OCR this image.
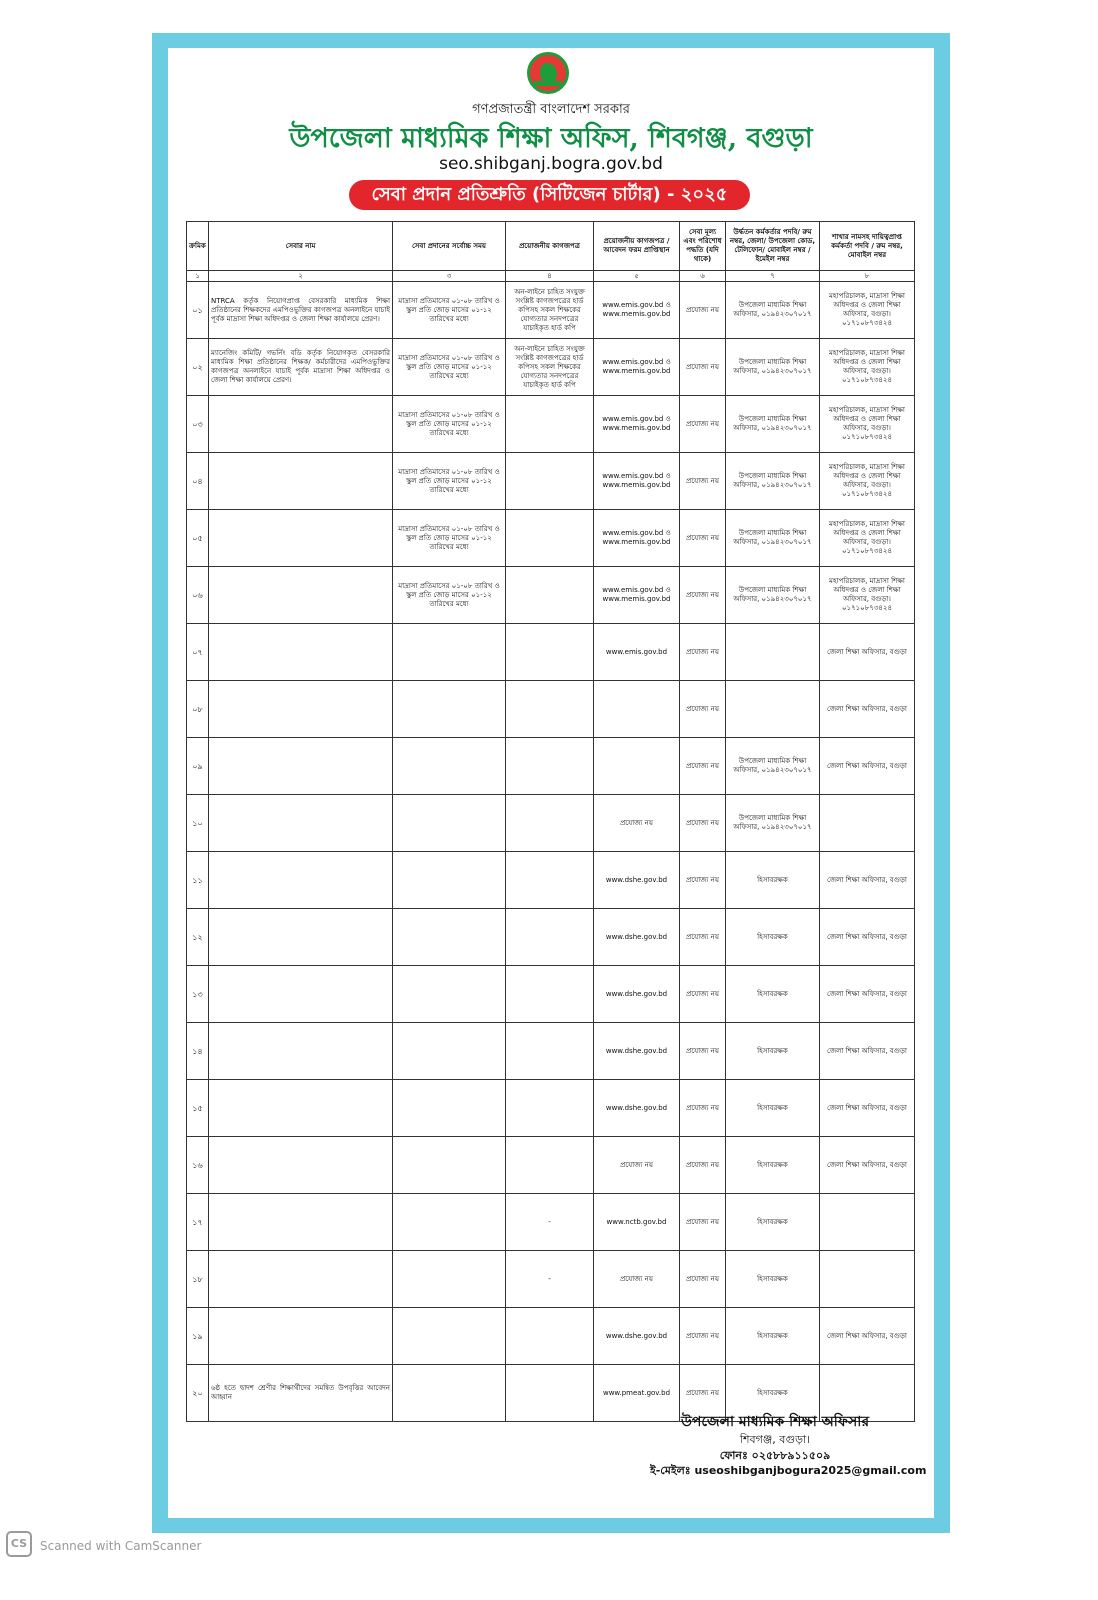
গণপ্রজাতন্ত্রী বাংলাদেশ সরকার
উপজেলা মাধ্যমিক শিক্ষা অফিস, শিবগঞ্জ, বগুড়া
seo.shibganj.bogra.gov.bd
সেবা প্রদান প্রতিশ্রুতি (সিটিজেন চার্টার) - ২০২৫
ক্রমিক	সেবার নাম	সেবা প্রদানের সর্বোচ্চ সময়	প্রয়োজনীয় কাগজপত্র	প্রয়োজনীয় কাগজপত্র / আবেদন ফরম প্রাপ্তিস্থান	সেবা মূল্য এবং পরিশোধ পদ্ধতি (যদি থাকে)	উর্দ্ধতন কর্মকর্তার পদবি/ রুম নম্বর, জেলা/ উপজেলা কোড, টেলিফোন/ মোবাইল নম্বর / ইমেইল নম্বর	শাখার নামসহ দায়িত্বপ্রাপ্ত কর্মকর্তা পদবি / রুম নম্বর, মোবাইল নম্বর
১	২	৩	৪	৫	৬	৭	৮
০১	NTRCA কর্তৃক নিয়োগপ্রাপ্ত বেসরকারি মাধ্যমিক শিক্ষা প্রতিষ্ঠানের শিক্ষকদের এমপিওভুক্তির কাগজপত্র অনলাইনে যাচাই পূর্বক মাদ্রাসা শিক্ষা অধিদপ্তর ও জেলা শিক্ষা কার্যালয়ে প্রেরণ।	মাদ্রাসা প্রতিমাসের ০১-০৮ তারিখ ও স্কুল প্রতি জোড় মাসের ০১-১২ তারিখের মধ্যে	অন-লাইনে চাহিত সংযুক্ত সংশ্লিষ্ট কাগজপত্রের হার্ড কপিসহ সকল শিক্ষকের যোগ্যতার সনদপত্রের যাচাইকৃত হার্ড কপি	www.emis.gov.bd ও www.memis.gov.bd	প্রযোজ্য নয়	উপজেলা মাধ্যমিক শিক্ষা অফিসার, ০১৯৪২৩০৭০১৭	মহাপরিচালক, মাদ্রাসা শিক্ষা অধিদপ্তর ও জেলা শিক্ষা অফিসার, বগুড়া। ০১৭১০৮৭৩৪২৪
০২	ম্যানেজিং কমিটি/ গভর্নিং বডি কর্তৃক নিয়োগকৃত বেসরকারি মাধ্যমিক শিক্ষা প্রতিষ্ঠানের শিক্ষক/ কর্মচারীদের এমপিওভুক্তির কাগজপত্র অনলাইনে যাচাই পূর্বক মাদ্রাসা শিক্ষা অধিদপ্তর ও জেলা শিক্ষা কার্যালয়ে প্রেরণ।	মাদ্রাসা প্রতিমাসের ০১-০৮ তারিখ ও স্কুল প্রতি জোড় মাসের ০১-১২ তারিখের মধ্যে	অন-লাইনে চাহিত সংযুক্ত সংশ্লিষ্ট কাগজপত্রের হার্ড কপিসহ সকল শিক্ষকের যোগ্যতার সনদপত্রের যাচাইকৃত হার্ড কপি	www.emis.gov.bd ও www.memis.gov.bd	প্রযোজ্য নয়	উপজেলা মাধ্যমিক শিক্ষা অফিসার, ০১৯৪২৩০৭০১৭	মহাপরিচালক, মাদ্রাসা শিক্ষা অধিদপ্তর ও জেলা শিক্ষা অফিসার, বগুড়া। ০১৭১০৮৭৩৪২৪
০৩		মাদ্রাসা প্রতিমাসের ০১-০৮ তারিখ ও স্কুল প্রতি জোড় মাসের ০১-১২ তারিখের মধ্যে		www.emis.gov.bd ও www.memis.gov.bd	প্রযোজ্য নয়	উপজেলা মাধ্যমিক শিক্ষা অফিসার, ০১৯৪২৩০৭০১৭	মহাপরিচালক, মাদ্রাসা শিক্ষা অধিদপ্তর ও জেলা শিক্ষা অফিসার, বগুড়া। ০১৭১০৮৭৩৪২৪
০৪		মাদ্রাসা প্রতিমাসের ০১-০৮ তারিখ ও স্কুল প্রতি জোড় মাসের ০১-১২ তারিখের মধ্যে		www.emis.gov.bd ও www.memis.gov.bd	প্রযোজ্য নয়	উপজেলা মাধ্যমিক শিক্ষা অফিসার, ০১৯৪২৩০৭০১৭	মহাপরিচালক, মাদ্রাসা শিক্ষা অধিদপ্তর ও জেলা শিক্ষা অফিসার, বগুড়া। ০১৭১০৮৭৩৪২৪
০৫		মাদ্রাসা প্রতিমাসের ০১-০৮ তারিখ ও স্কুল প্রতি জোড় মাসের ০১-১২ তারিখের মধ্যে		www.emis.gov.bd ও www.memis.gov.bd	প্রযোজ্য নয়	উপজেলা মাধ্যমিক শিক্ষা অফিসার, ০১৯৪২৩০৭০১৭	মহাপরিচালক, মাদ্রাসা শিক্ষা অধিদপ্তর ও জেলা শিক্ষা অফিসার, বগুড়া। ০১৭১০৮৭৩৪২৪
০৬		মাদ্রাসা প্রতিমাসের ০১-০৮ তারিখ ও স্কুল প্রতি জোড় মাসের ০১-১২ তারিখের মধ্যে		www.emis.gov.bd ও www.memis.gov.bd	প্রযোজ্য নয়	উপজেলা মাধ্যমিক শিক্ষা অফিসার, ০১৯৪২৩০৭০১৭	মহাপরিচালক, মাদ্রাসা শিক্ষা অধিদপ্তর ও জেলা শিক্ষা অফিসার, বগুড়া। ০১৭১০৮৭৩৪২৪
০৭				www.emis.gov.bd	প্রযোজ্য নয়		জেলা শিক্ষা অফিসার, বগুড়া
০৮					প্রযোজ্য নয়		জেলা শিক্ষা অফিসার, বগুড়া
০৯					প্রযোজ্য নয়	উপজেলা মাধ্যমিক শিক্ষা অফিসার, ০১৯৪২৩০৭০১৭	জেলা শিক্ষা অফিসার, বগুড়া
১০				প্রযোজ্য নয়	প্রযোজ্য নয়	উপজেলা মাধ্যমিক শিক্ষা অফিসার, ০১৯৪২৩০৭০১৭	
১১				www.dshe.gov.bd	প্রযোজ্য নয়	হিসাবরক্ষক	জেলা শিক্ষা অফিসার, বগুড়া
১২				www.dshe.gov.bd	প্রযোজ্য নয়	হিসাবরক্ষক	জেলা শিক্ষা অফিসার, বগুড়া
১৩				www.dshe.gov.bd	প্রযোজ্য নয়	হিসাবরক্ষক	জেলা শিক্ষা অফিসার, বগুড়া
১৪				www.dshe.gov.bd	প্রযোজ্য নয়	হিসাবরক্ষক	জেলা শিক্ষা অফিসার, বগুড়া
১৫				www.dshe.gov.bd	প্রযোজ্য নয়	হিসাবরক্ষক	জেলা শিক্ষা অফিসার, বগুড়া
১৬				প্রযোজ্য নয়	প্রযোজ্য নয়	হিসাবরক্ষক	জেলা শিক্ষা অফিসার, বগুড়া
১৭			-	www.nctb.gov.bd	প্রযোজ্য নয়	হিসাবরক্ষক	
১৮			-	প্রযোজ্য নয়	প্রযোজ্য নয়	হিসাবরক্ষক	
১৯				www.dshe.gov.bd	প্রযোজ্য নয়	হিসাবরক্ষক	জেলা শিক্ষা অফিসার, বগুড়া
২০	৬ষ্ঠ হতে দ্বাদশ শ্রেণীর শিক্ষার্থীদের সমন্বিত উপবৃত্তির আবেদন আহ্বান			www.pmeat.gov.bd	প্রযোজ্য নয়	হিসাবরক্ষক	
উপজেলা মাধ্যমিক শিক্ষা অফিসার
শিবগঞ্জ, বগুড়া।
ফোনঃ ০২৫৮৮৯১১৫০৯
ই-মেইলঃ useoshibganjbogura2025@gmail.com
CS	Scanned with CamScanner
